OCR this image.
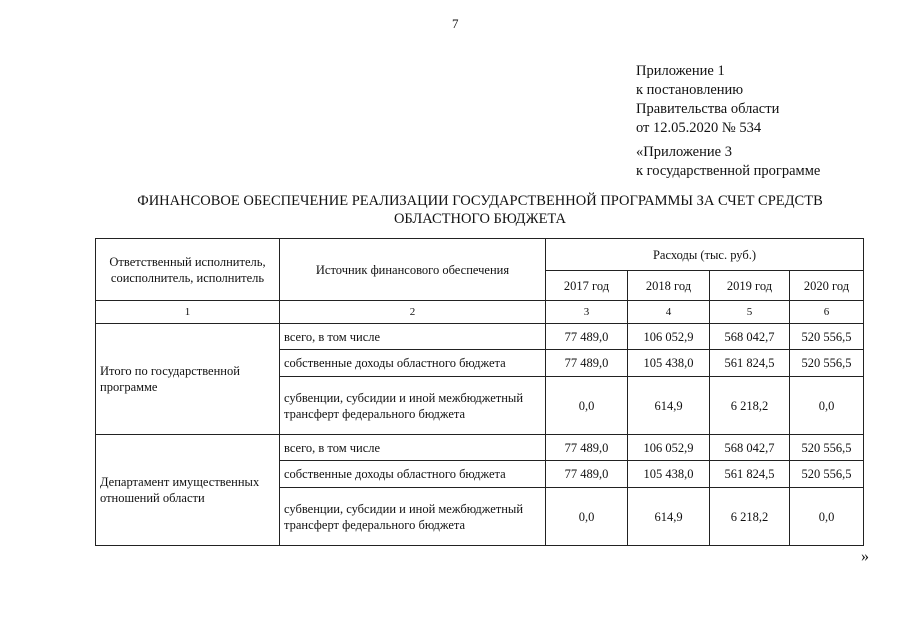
7
Приложение 1
к постановлению
Правительства области
от 12.05.2020 № 534
«Приложение 3
к государственной программе
ФИНАНСОВОЕ ОБЕСПЕЧЕНИЕ РЕАЛИЗАЦИИ ГОСУДАРСТВЕННОЙ ПРОГРАММЫ ЗА СЧЕТ СРЕДСТВ
ОБЛАСТНОГО БЮДЖЕТА
Ответственный исполнитель, соисполнитель, исполнитель	Источник финансового обеспечения	Расходы (тыс. руб.)			
		2017 год	2018 год	2019 год	2020 год
1	2	3	4	5	6
Итого по государственной программе	всего, в том числе	77 489,0	106 052,9	568 042,7	520 556,5
	собственные доходы областного бюджета	77 489,0	105 438,0	561 824,5	520 556,5
	субвенции, субсидии и иной межбюджетный трансферт федерального бюджета	0,0	614,9	6 218,2	0,0
Департамент имущественных отношений области	всего, в том числе	77 489,0	106 052,9	568 042,7	520 556,5
	собственные доходы областного бюджета	77 489,0	105 438,0	561 824,5	520 556,5
	субвенции, субсидии и иной межбюджетный трансферт федерального бюджета	0,0	614,9	6 218,2	0,0
»
